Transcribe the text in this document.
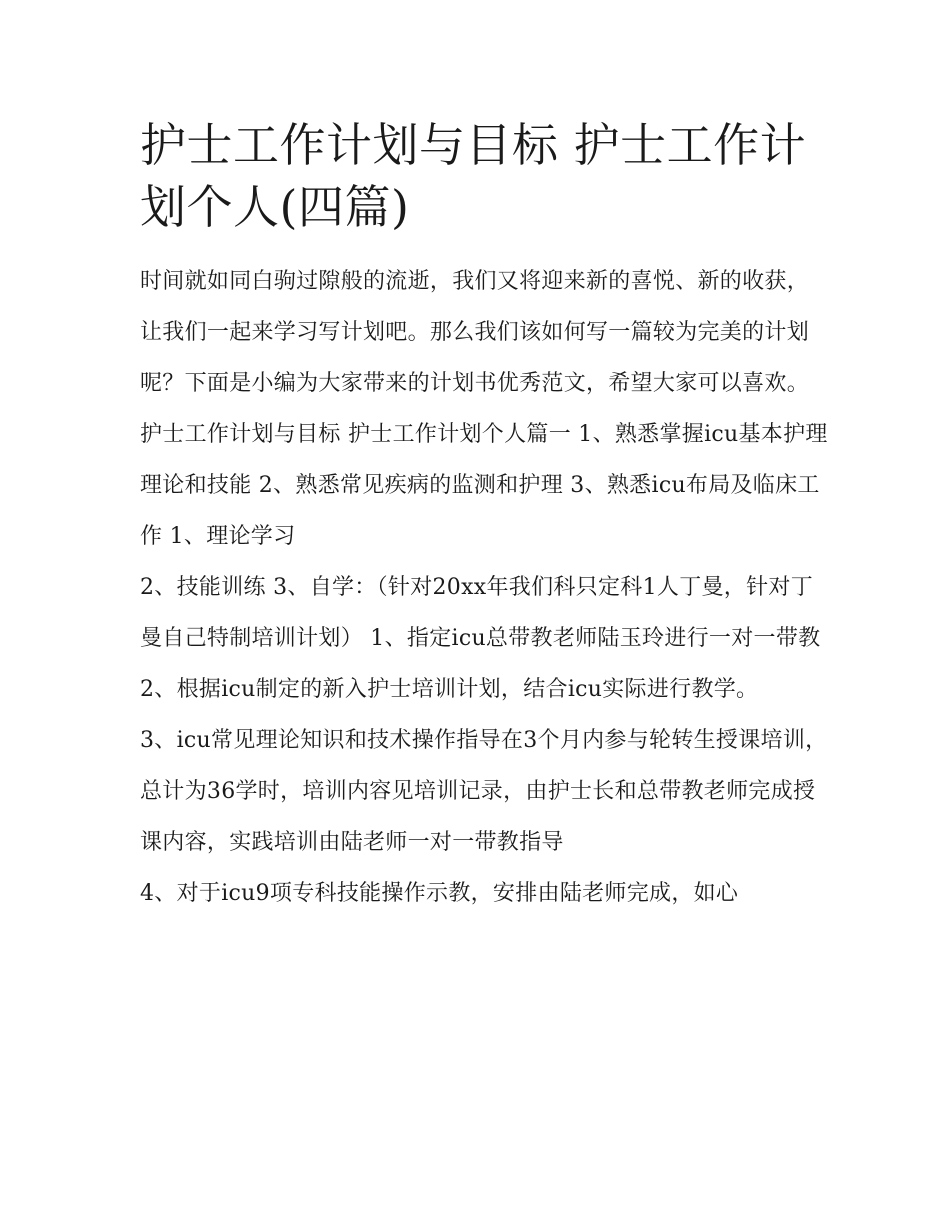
护士工作计划与目标 护士工作计划个人(四篇)

时间就如同白驹过隙般的流逝，我们又将迎来新的喜悦、新的收获，让我们一起来学习写计划吧。那么我们该如何写一篇较为完美的计划呢？下面是小编为大家带来的计划书优秀范文，希望大家可以喜欢。

护士工作计划与目标 护士工作计划个人篇一 1、熟悉掌握icu基本护理理论和技能 2、熟悉常见疾病的监测和护理 3、熟悉icu布局及临床工作 1、理论学习

2、技能训练 3、自学：（针对20xx年我们科只定科1人丁曼，针对丁曼自己特制培训计划） 1、指定icu总带教老师陆玉玲进行一对一带教

2、根据icu制定的新入护士培训计划，结合icu实际进行教学。

3、icu常见理论知识和技术操作指导在3个月内参与轮转生授课培训，总计为36学时，培训内容见培训记录，由护士长和总带教老师完成授课内容，实践培训由陆老师一对一带教指导

4、对于icu9项专科技能操作示教，安排由陆老师完成，如心
